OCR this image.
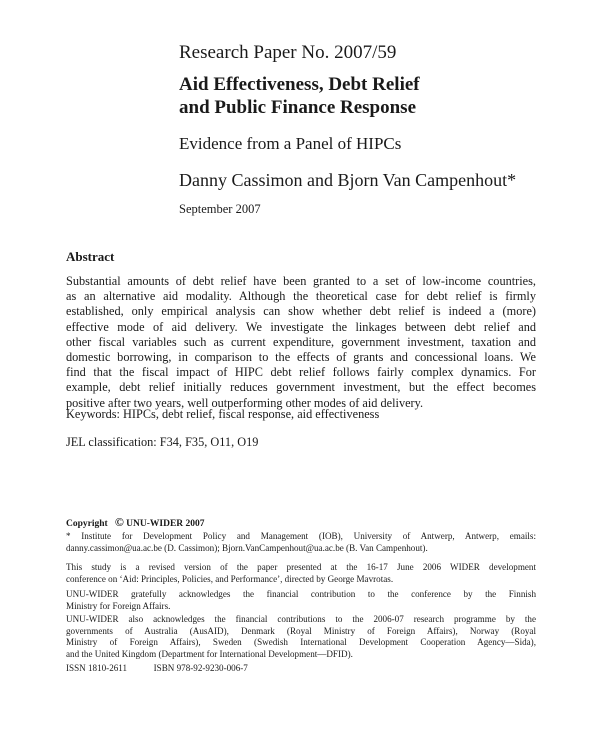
Research Paper No. 2007/59
Aid Effectiveness, Debt Relief
and Public Finance Response
Evidence from a Panel of HIPCs
Danny Cassimon and Bjorn Van Campenhout*
September 2007
Abstract
Substantial amounts of debt relief have been granted to a set of low-income countries,
as an alternative aid modality. Although the theoretical case for debt relief is firmly
established, only empirical analysis can show whether debt relief is indeed a (more)
effective mode of aid delivery. We investigate the linkages between debt relief and
other fiscal variables such as current expenditure, government investment, taxation and
domestic borrowing, in comparison to the effects of grants and concessional loans. We
find that the fiscal impact of HIPC debt relief follows fairly complex dynamics. For
example, debt relief initially reduces government investment, but the effect becomes
positive after two years, well outperforming other modes of aid delivery.
Keywords: HIPCs, debt relief, fiscal response, aid effectiveness
JEL classification: F34, F35, O11, O19
Copyright © UNU-WIDER 2007
* Institute for Development Policy and Management (IOB), University of Antwerp, Antwerp, emails:
danny.cassimon@ua.ac.be (D. Cassimon); Bjorn.VanCampenhout@ua.ac.be (B. Van Campenhout).
This study is a revised version of the paper presented at the 16-17 June 2006 WIDER development
conference on ‘Aid: Principles, Policies, and Performance’, directed by George Mavrotas.
UNU-WIDER gratefully acknowledges the financial contribution to the conference by the Finnish
Ministry for Foreign Affairs.
UNU-WIDER also acknowledges the financial contributions to the 2006-07 research programme by the
governments of Australia (AusAID), Denmark (Royal Ministry of Foreign Affairs), Norway (Royal
Ministry of Foreign Affairs), Sweden (Swedish International Development Cooperation Agency—Sida),
and the United Kingdom (Department for International Development—DFID).
ISSN 1810-2611	ISBN 978-92-9230-006-7
